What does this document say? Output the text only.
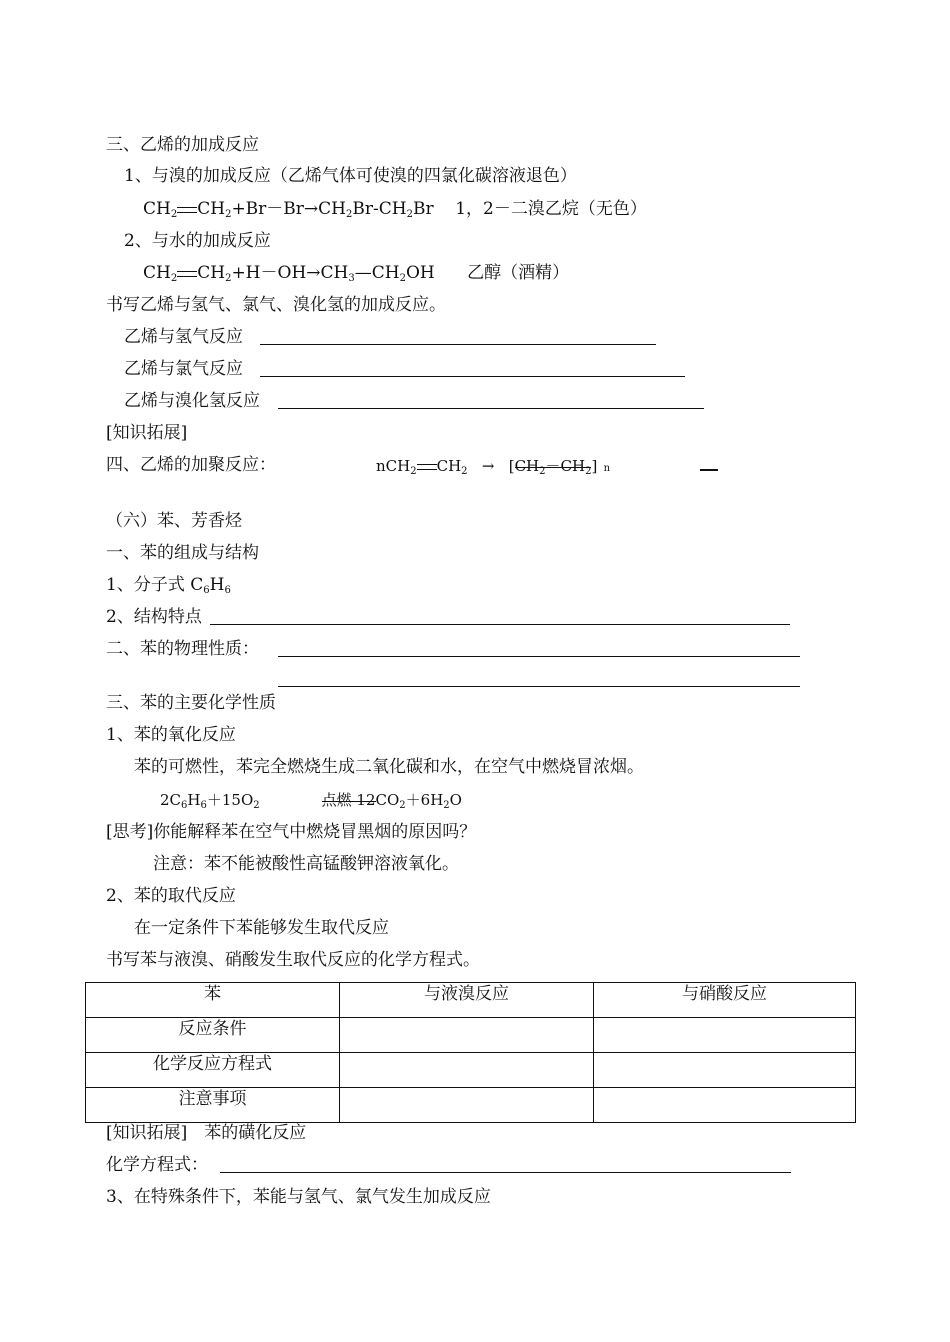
三、乙烯的加成反应
1、与溴的加成反应（乙烯气体可使溴的四氯化碳溶液退色）
$CH_2$ $CH_2+Br-Br\to CH_2Br-CH_2Br$    1，2－二溴乙烷（无色）
2、与水的加成反应
$CH_2$ $CH_2+H-OH\to CH_3—CH_2OH$      乙醇（酒精）
书写乙烯与氢气、氯气、溴化氢的加成反应。
乙烯与氢气反应
乙烯与氯气反应
乙烯与溴化氢反应
[知识拓展]
四、乙烯的加聚反应：	nCH$_2$ $CH_2 \to [CH_2-CH_2]$  n
（六）苯、芳香烃
一、苯的组成与结构
1、分子式 $C_6H_6$
2、结构特点
二、苯的物理性质：
三、苯的主要化学性质
1、苯的氧化反应
苯的可燃性，苯完全燃烧生成二氧化碳和水，在空气中燃烧冒浓烟。
$2C_6H_6+15O_2$	点燃 $12CO_2+6H_2O$
[思考]你能解释苯在空气中燃烧冒黑烟的原因吗？
注意：苯不能被酸性高锰酸钾溶液氧化。
2、苯的取代反应
在一定条件下苯能够发生取代反应
书写苯与液溴、硝酸发生取代反应的化学方程式。
苯	与液溴反应	与硝酸反应
反应条件		
化学反应方程式		
注意事项		
[知识拓展]　苯的磺化反应
化学方程式：
3、在特殊条件下，苯能与氢气、氯气发生加成反应
